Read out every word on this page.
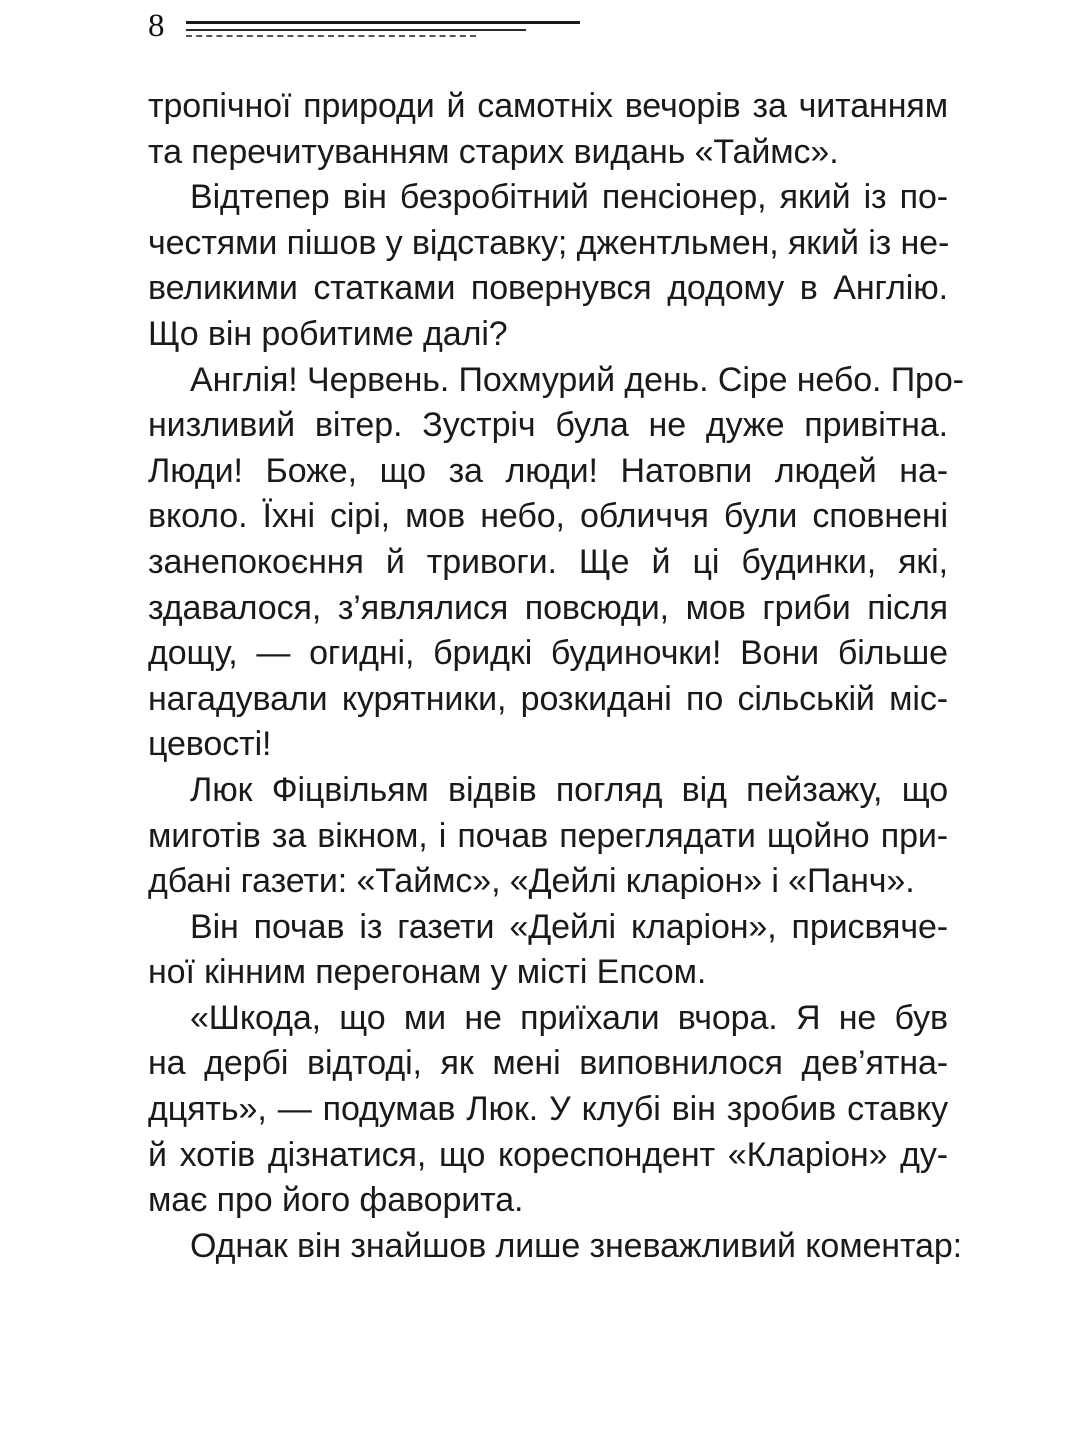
8
тропічної природи й самотніх вечорів за читанням
та перечитуванням старих видань «Таймс».
Відтепер він безробітний пенсіонер, який із по-
честями пішов у відставку; джентльмен, який із не-
великими статками повернувся додому в Англію.
Що він робитиме далі?
Англія! Червень. Похмурий день. Сіре небо. Про-
низливий вітер. Зустріч була не дуже привітна.
Люди! Боже, що за люди! Натовпи людей на-
вколо. Їхні сірі, мов небо, обличчя були сповнені
занепокоєння й тривоги. Ще й ці будинки, які,
здавалося, з’являлися повсюди, мов гриби після
дощу, — огидні, бридкі будиночки! Вони більше
нагадували курятники, розкидані по сільській міс-
цевості!
Люк Фіцвільям відвів погляд від пейзажу, що
миготів за вікном, і почав переглядати щойно при-
дбані газети: «Таймс», «Дейлі кларіон» і «Панч».
Він почав із газети «Дейлі кларіон», присвяче-
ної кінним перегонам у місті Епсом.
«Шкода, що ми не приїхали вчора. Я не був
на дербі відтоді, як мені виповнилося дев’ятна-
дцять», — подумав Люк. У клубі він зробив ставку
й хотів дізнатися, що кореспондент «Кларіон» ду-
має про його фаворита.
Однак він знайшов лише зневажливий коментар:
